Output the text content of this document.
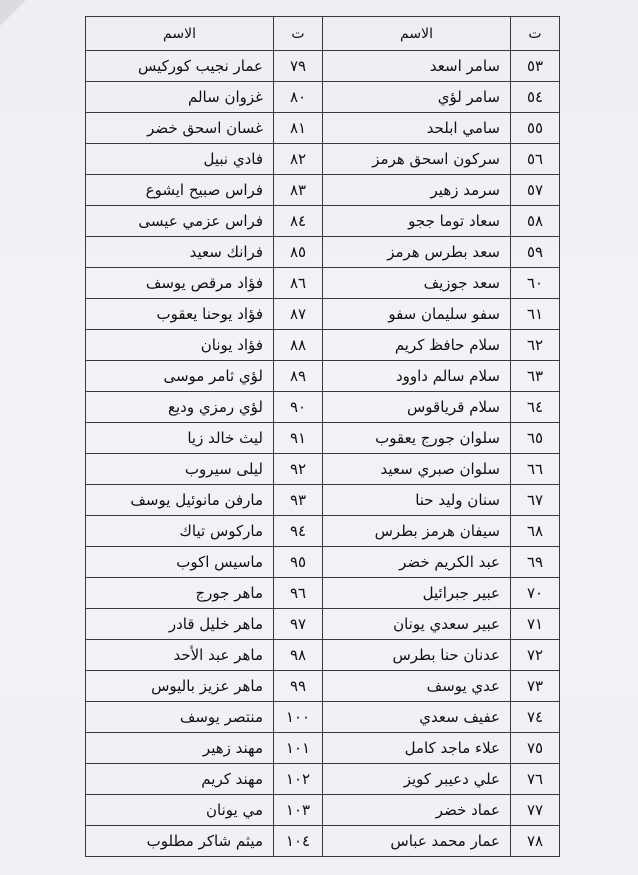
ت	الاسم	ت	الاسم
٥٣	سامر اسعد	٧٩	عمار نجيب كوركيس
٥٤	سامر لؤي	٨٠	غزوان سالم
٥٥	سامي ابلحد	٨١	غسان اسحق خضر
٥٦	سركون اسحق هرمز	٨٢	فادي نبيل
٥٧	سرمد زهير	٨٣	فراس صبيح ايشوع
٥٨	سعاد توما ججو	٨٤	فراس عزمي عيسى
٥٩	سعد بطرس هرمز	٨٥	فرانك سعيد
٦٠	سعد جوزيف	٨٦	فؤاد مرقص يوسف
٦١	سفو سليمان سفو	٨٧	فؤاد يوحنا يعقوب
٦٢	سلام حافظ كريم	٨٨	فؤاد يونان
٦٣	سلام سالم داوود	٨٩	لؤي ثامر موسى
٦٤	سلام قرياقوس	٩٠	لؤي رمزي وديع
٦٥	سلوان جورج يعقوب	٩١	ليث خالد زيا
٦٦	سلوان صبري سعيد	٩٢	ليلى سيروب
٦٧	سنان وليد حنا	٩٣	مارفن مانوئيل يوسف
٦٨	سيفان هرمز بطرس	٩٤	ماركوس تياك
٦٩	عبد الكريم خضر	٩٥	ماسيس اكوب
٧٠	عبير جبرائيل	٩٦	ماهر جورج
٧١	عبير سعدي يونان	٩٧	ماهر خليل قادر
٧٢	عدنان حنا بطرس	٩٨	ماهر عبد الأحد
٧٣	عدي يوسف	٩٩	ماهر عزيز باليوس
٧٤	عفيف سعدي	١٠٠	منتصر يوسف
٧٥	علاء ماجد كامل	١٠١	مهند زهير
٧٦	علي دعيبر كويز	١٠٢	مهند كريم
٧٧	عماد خضر	١٠٣	مي يونان
٧٨	عمار محمد عباس	١٠٤	ميثم شاكر مطلوب
